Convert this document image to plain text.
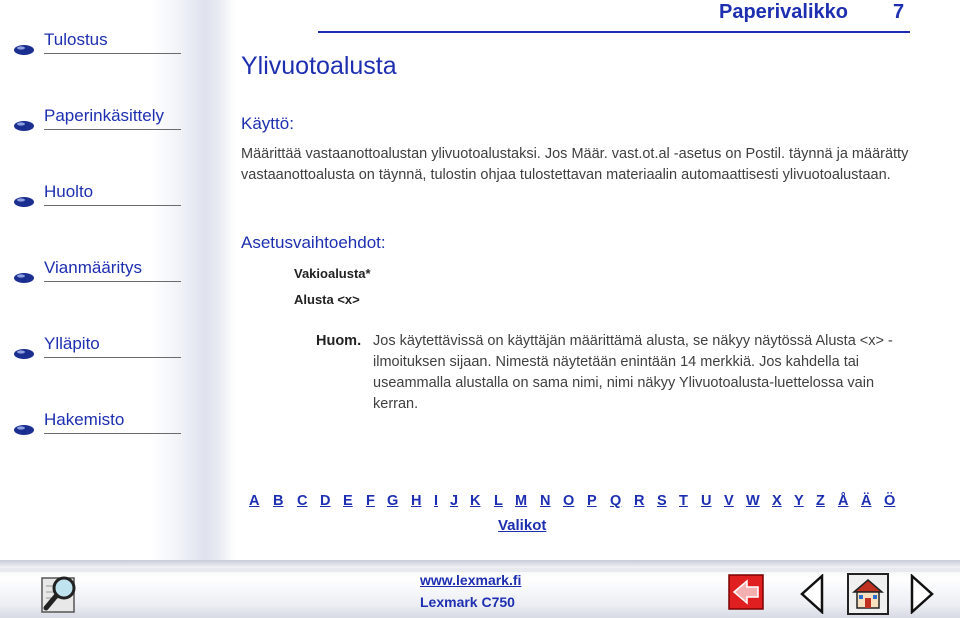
Tulostus
Paperinkäsittely
Huolto
Vianmääritys
Ylläpito
Hakemisto
Paperivalikko 7
Ylivuotoalusta
Käyttö:

Määrittää vastaanottoalustan ylivuotoalustaksi. Jos Määr. vast.ot.al -asetus on Postil. täynnä ja määrätty vastaanottoalusta on täynnä, tulostin ohjaa tulostettavan materiaalin automaattisesti ylivuotoalustaan.

Asetusvaihtoehdot:
Vakioalusta*
Alusta <x>
Huom. Jos käytettävissä on käyttäjän määrittämä alusta, se näkyy näytössä Alusta <x> -ilmoituksen sijaan. Nimestä näytetään enintään 14 merkkiä. Jos kahdella tai useammalla alustalla on sama nimi, nimi näkyy Ylivuotoalusta-luettelossa vain kerran.
A B C D E F G H I J K L M N O P Q R S T U V W X Y Z Å Ä Ö
Valikot
www.lexmark.fi
Lexmark C750
